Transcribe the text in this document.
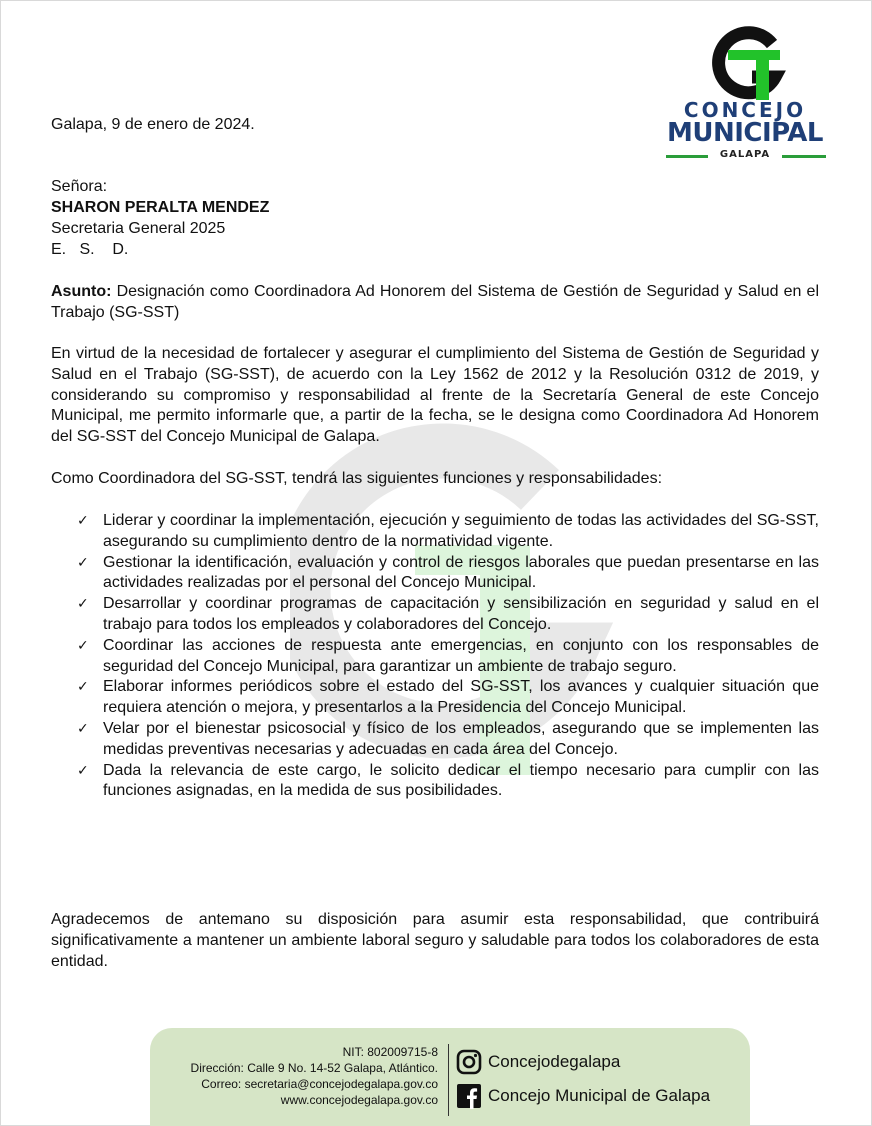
CONCEJO
MUNICIPAL
GALAPA
Galapa, 9 de enero de 2024.
Señora:
SHARON PERALTA MENDEZ
Secretaria General 2025
E.   S.    D.
Asunto: Designación como Coordinadora Ad Honorem del Sistema de Gestión de Seguridad y Salud en el Trabajo (SG-SST)
En virtud de la necesidad de fortalecer y asegurar el cumplimiento del Sistema de Gestión de Seguridad y Salud en el Trabajo (SG-SST), de acuerdo con la Ley 1562 de 2012 y la Resolución 0312 de 2019, y considerando su compromiso y responsabilidad al frente de la Secretaría General de este Concejo Municipal, me permito informarle que, a partir de la fecha, se le designa como Coordinadora Ad Honorem del SG-SST del Concejo Municipal de Galapa.
Como Coordinadora del SG-SST, tendrá las siguientes funciones y responsabilidades:
✓ Liderar y coordinar la implementación, ejecución y seguimiento de todas las actividades del SG-SST, asegurando su cumplimiento dentro de la normatividad vigente.
✓ Gestionar la identificación, evaluación y control de riesgos laborales que puedan presentarse en las actividades realizadas por el personal del Concejo Municipal.
✓ Desarrollar y coordinar programas de capacitación y sensibilización en seguridad y salud en el trabajo para todos los empleados y colaboradores del Concejo.
✓ Coordinar las acciones de respuesta ante emergencias, en conjunto con los responsables de seguridad del Concejo Municipal, para garantizar un ambiente de trabajo seguro.
✓ Elaborar informes periódicos sobre el estado del SG-SST, los avances y cualquier situación que requiera atención o mejora, y presentarlos a la Presidencia del Concejo Municipal.
✓ Velar por el bienestar psicosocial y físico de los empleados, asegurando que se implementen las medidas preventivas necesarias y adecuadas en cada área del Concejo.
✓ Dada la relevancia de este cargo, le solicito dedicar el tiempo necesario para cumplir con las funciones asignadas, en la medida de sus posibilidades.
Agradecemos de antemano su disposición para asumir esta responsabilidad, que contribuirá significativamente a mantener un ambiente laboral seguro y saludable para todos los colaboradores de esta entidad.
NIT: 802009715-8
Dirección: Calle 9 No. 14-52 Galapa, Atlántico.
Correo: secretaria@concejodegalapa.gov.co
www.concejodegalapa.gov.co
Concejodegalapa
Concejo Municipal de Galapa
